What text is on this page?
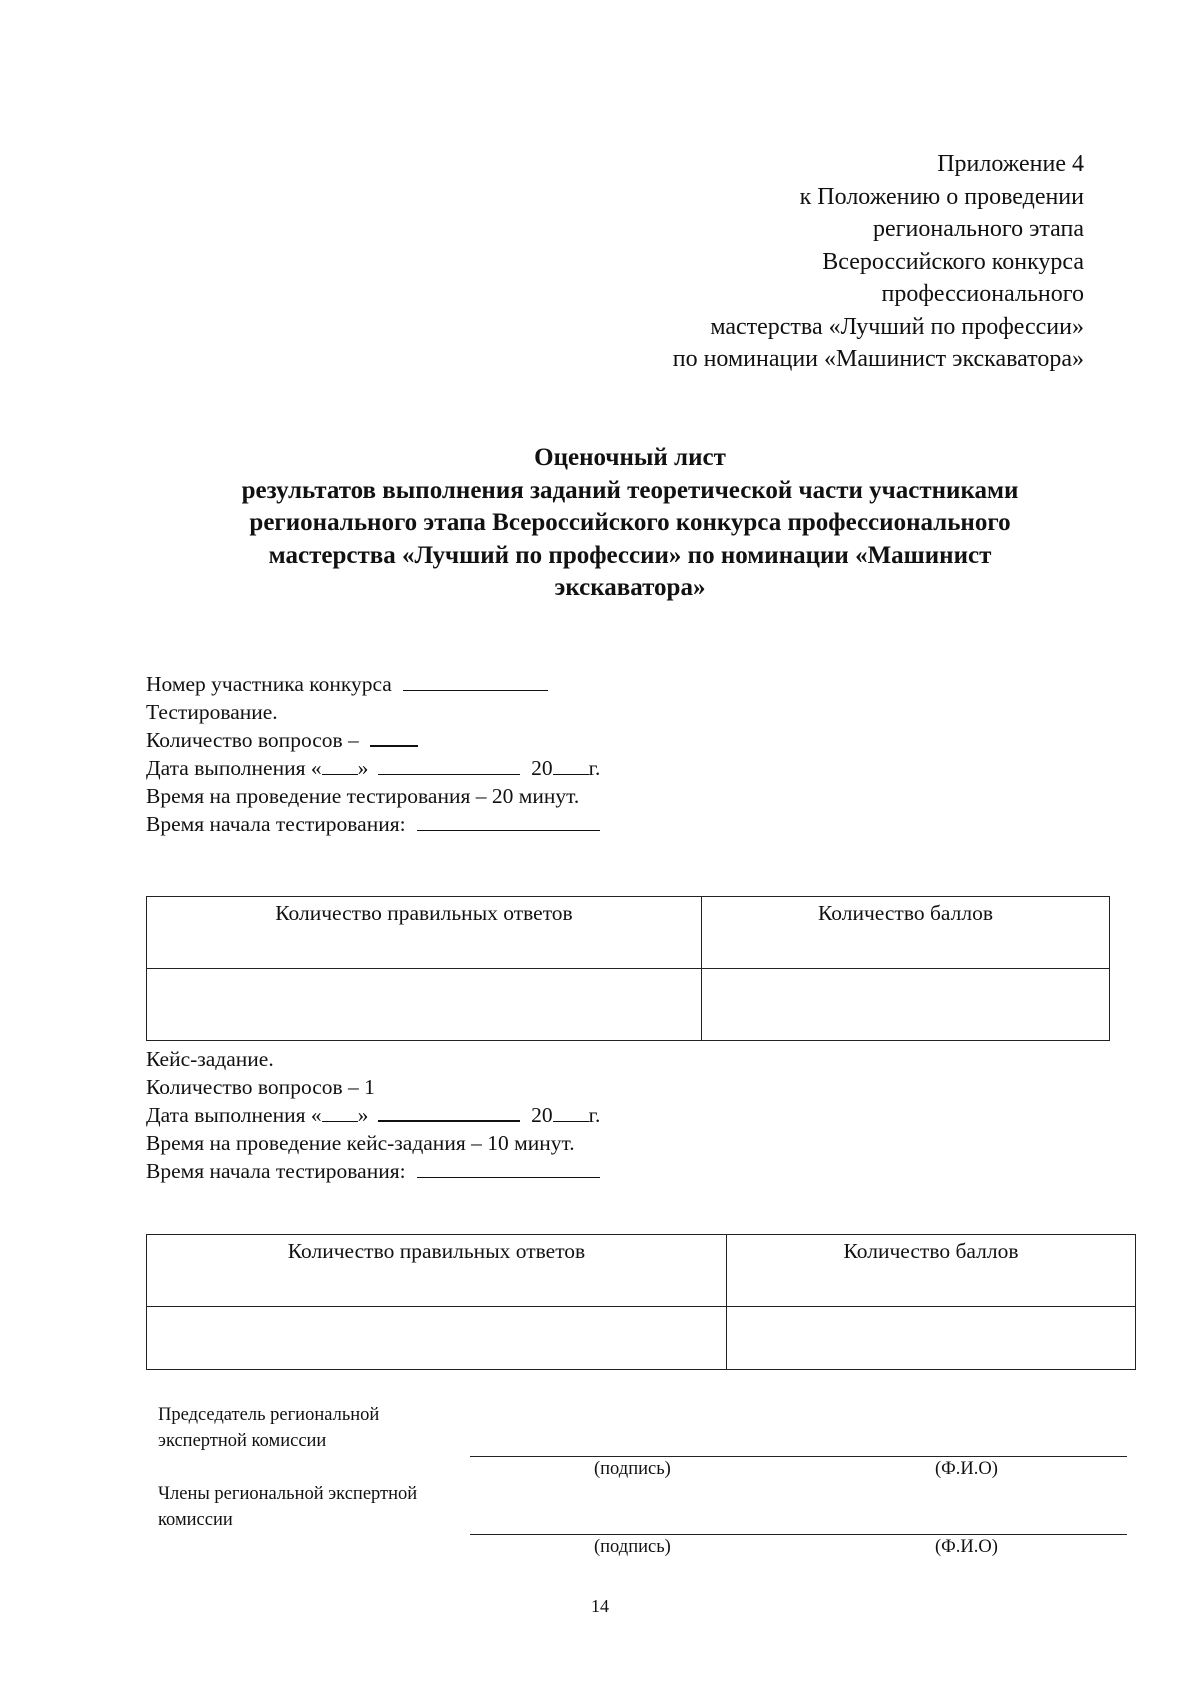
Приложение 4
к Положению о проведении
регионального этапа
Всероссийского конкурса
профессионального
мастерства «Лучший по профессии»
по номинации «Машинист экскаватора»
Оценочный лист
результатов выполнения заданий теоретической части участниками
регионального этапа Всероссийского конкурса профессионального
мастерства «Лучший по профессии» по номинации «Машинист
экскаватора»
Номер участника конкурса
Тестирование.
Количество вопросов –
Дата выполнения « »	20 г.
Время на проведение тестирования – 20 минут.
Время начала тестирования:
Количество правильных ответов	Количество баллов

Кейс-задание.
Количество вопросов – 1
Дата выполнения « »	20 г.
Время на проведение кейс-задания – 10 минут.
Время начала тестирования:
Количество правильных ответов	Количество баллов

Председатель региональной
экспертной комиссии
(подпись)	(Ф.И.О)
Члены региональной экспертной
комиссии
(подпись)	(Ф.И.О)
14
